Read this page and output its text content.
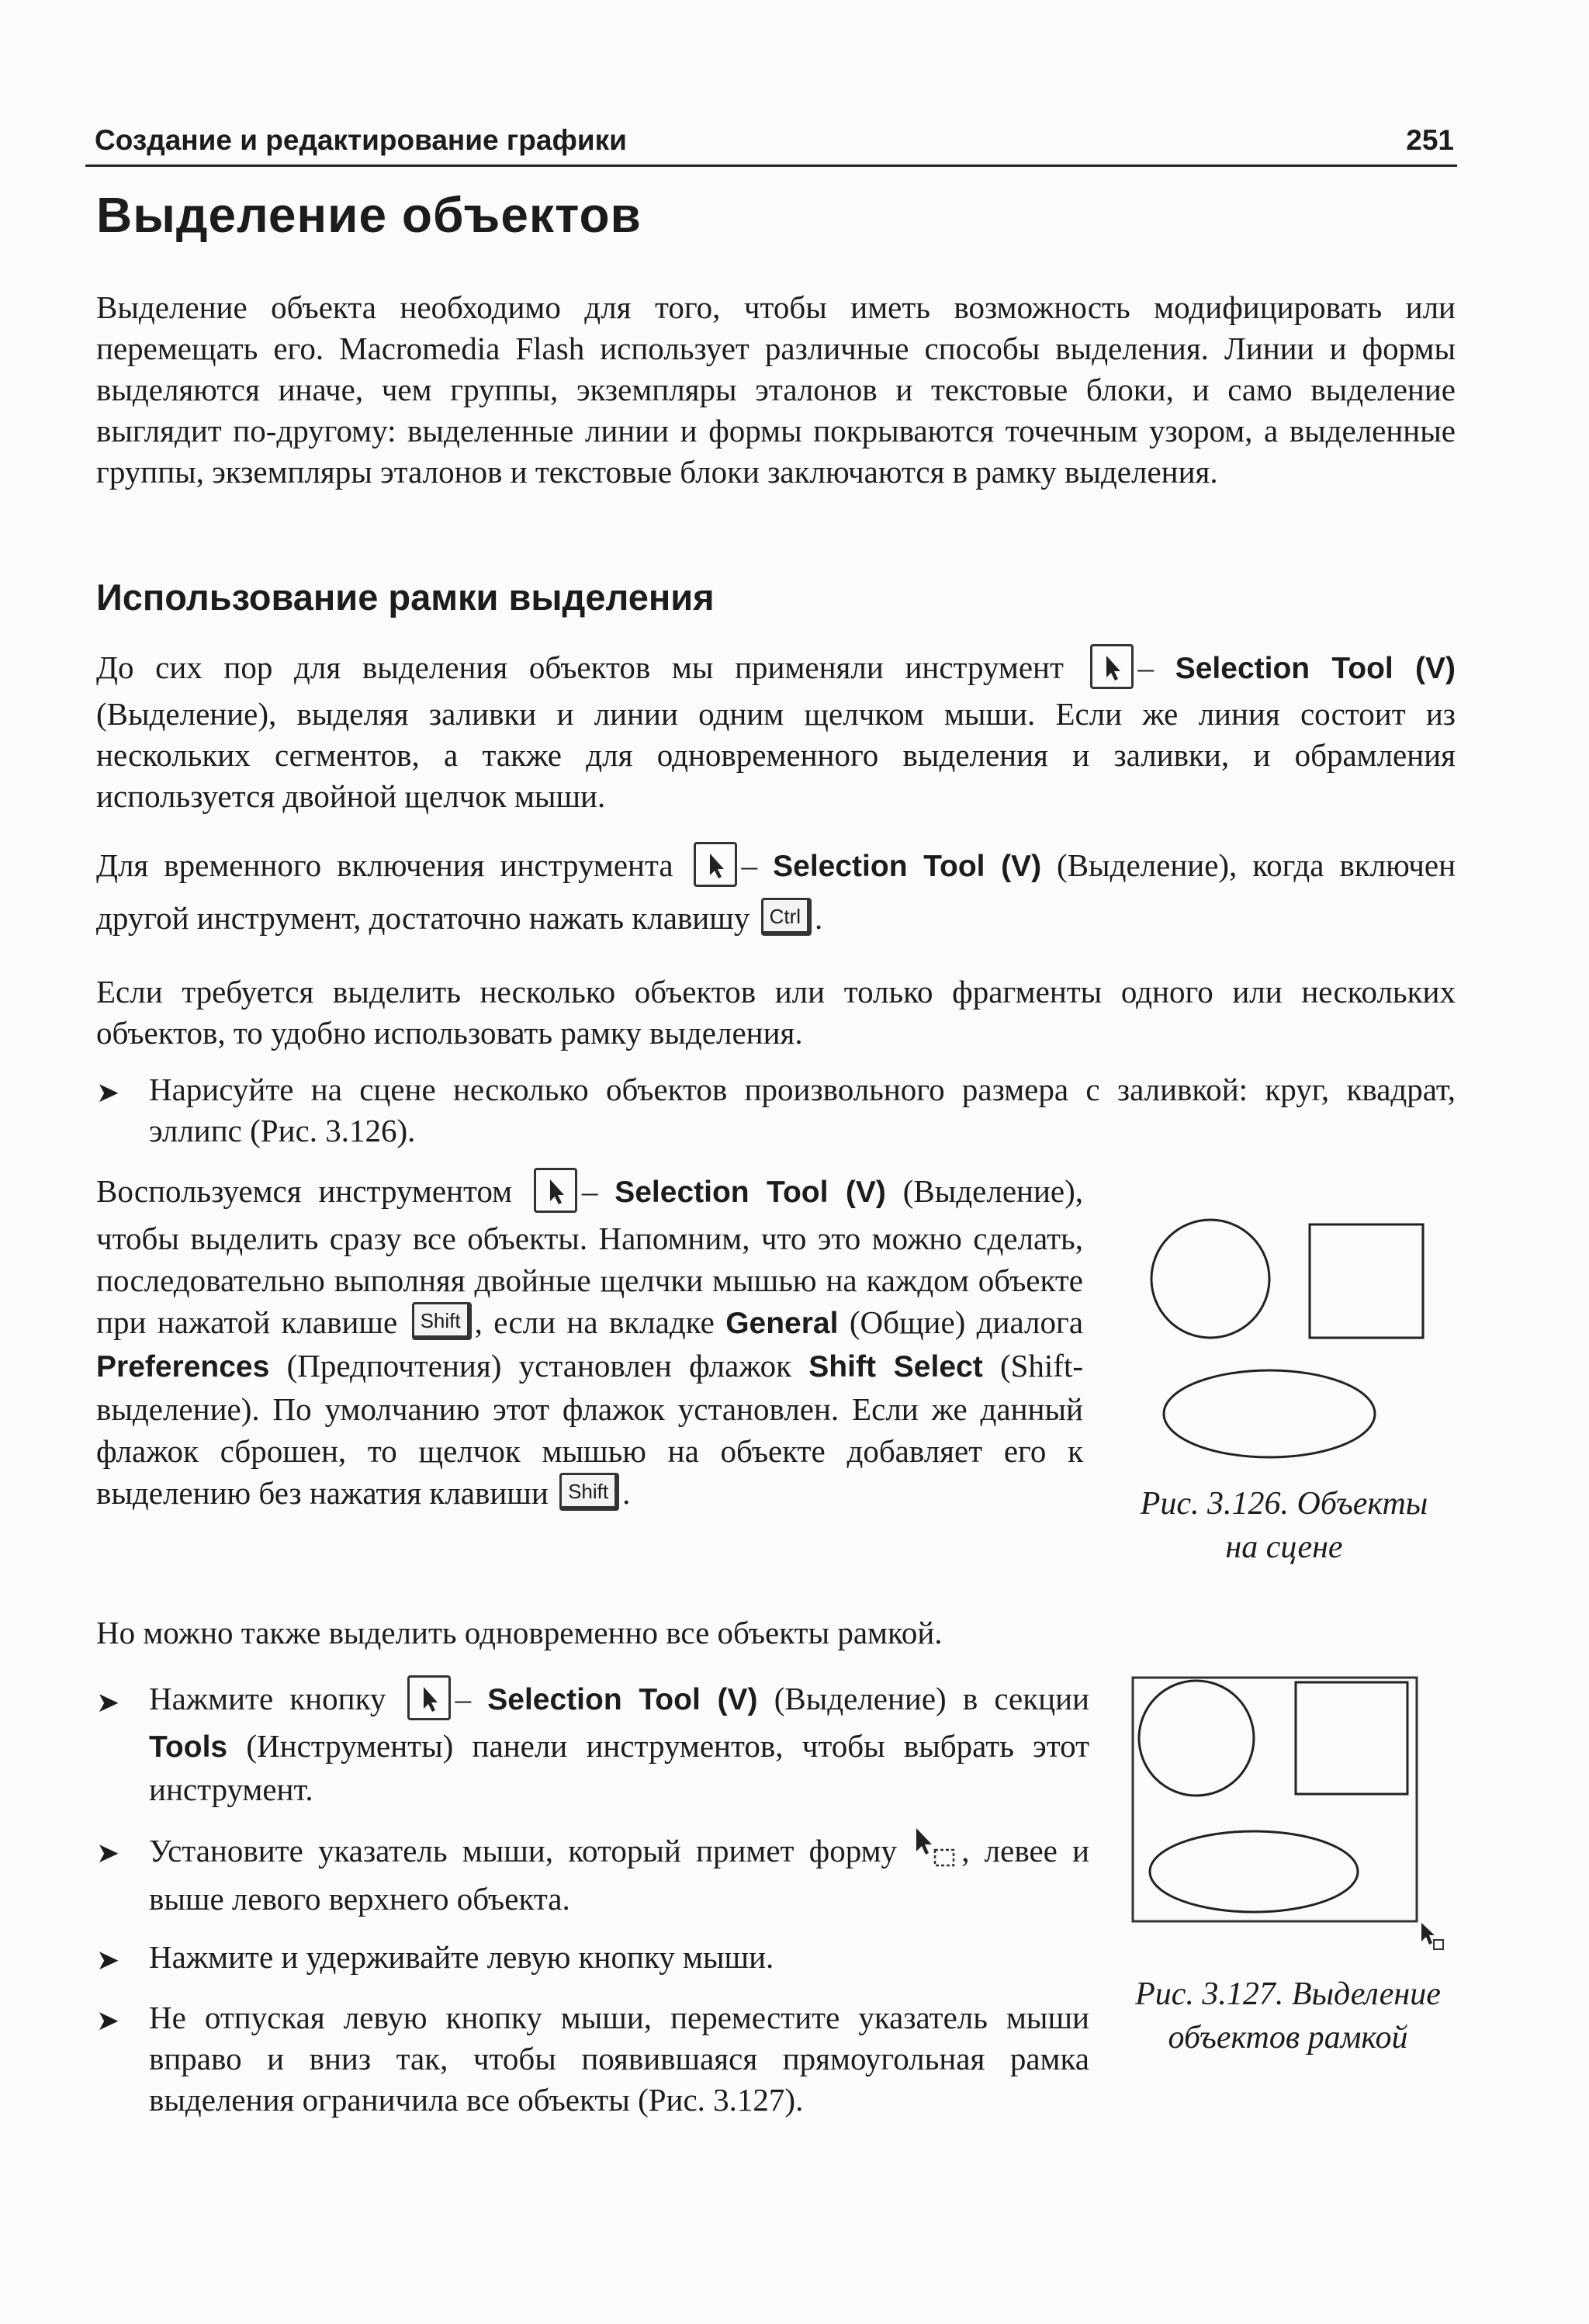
Создание и редактирование графики	251
Выделение объектов

Выделение объекта необходимо для того, чтобы иметь возможность модифицировать или перемещать его. Macromedia Flash использует различные способы выделения. Линии и формы выделяются иначе, чем группы, экземпляры эталонов и текстовые блоки, и само выделение выглядит по-другому: выделенные линии и формы покрываются точечным узором, а выделенные группы, экземпляры эталонов и текстовые блоки заключаются в рамку выделения.

Использование рамки выделения

До сих пор для выделения объектов мы применяли инструмент – Selection Tool (V) (Выделение), выделяя заливки и линии одним щелчком мыши. Если же линия состоит из нескольких сегментов, а также для одновременного выделения и заливки, и обрамления используется двойной щелчок мыши.

Для временного включения инструмента – Selection Tool (V) (Выделение), когда включен другой инструмент, достаточно нажать клавишу Ctrl .

Если требуется выделить несколько объектов или только фрагменты одного или нескольких объектов, то удобно использовать рамку выделения.

➤ Нарисуйте на сцене несколько объектов произвольного размера с заливкой: круг, квадрат, эллипс (Рис. 3.126).

Воспользуемся инструментом – Selection Tool (V) (Выделение), чтобы выделить сразу все объекты. Напомним, что это можно сделать, последовательно выполняя двойные щелчки мышью на каждом объекте при нажатой клавише Shift , если на вкладке General (Общие) диалога Preferences (Предпочтения) установлен флажок Shift Select (Shift-выделение). По умолчанию этот флажок установлен. Если же данный флажок сброшен, то щелчок мышью на объекте добавляет его к выделению без нажатия клавиши Shift .	Рис. 3.126. Объекты
на сцене

Но можно также выделить одновременно все объекты рамкой.

➤ Нажмите кнопку – Selection Tool (V) (Выделение) в секции Tools (Инструменты) панели инструментов, чтобы выбрать этот инструмент.

➤ Установите указатель мыши, который примет форму , левее и выше левого верхнего объекта.

➤ Нажмите и удерживайте левую кнопку мыши.

➤ Не отпуская левую кнопку мыши, переместите указатель мыши вправо и вниз так, чтобы появившаяся прямоугольная рамка выделения ограничила все объекты (Рис. 3.127).

Рис. 3.127. Выделение
объектов рамкой
